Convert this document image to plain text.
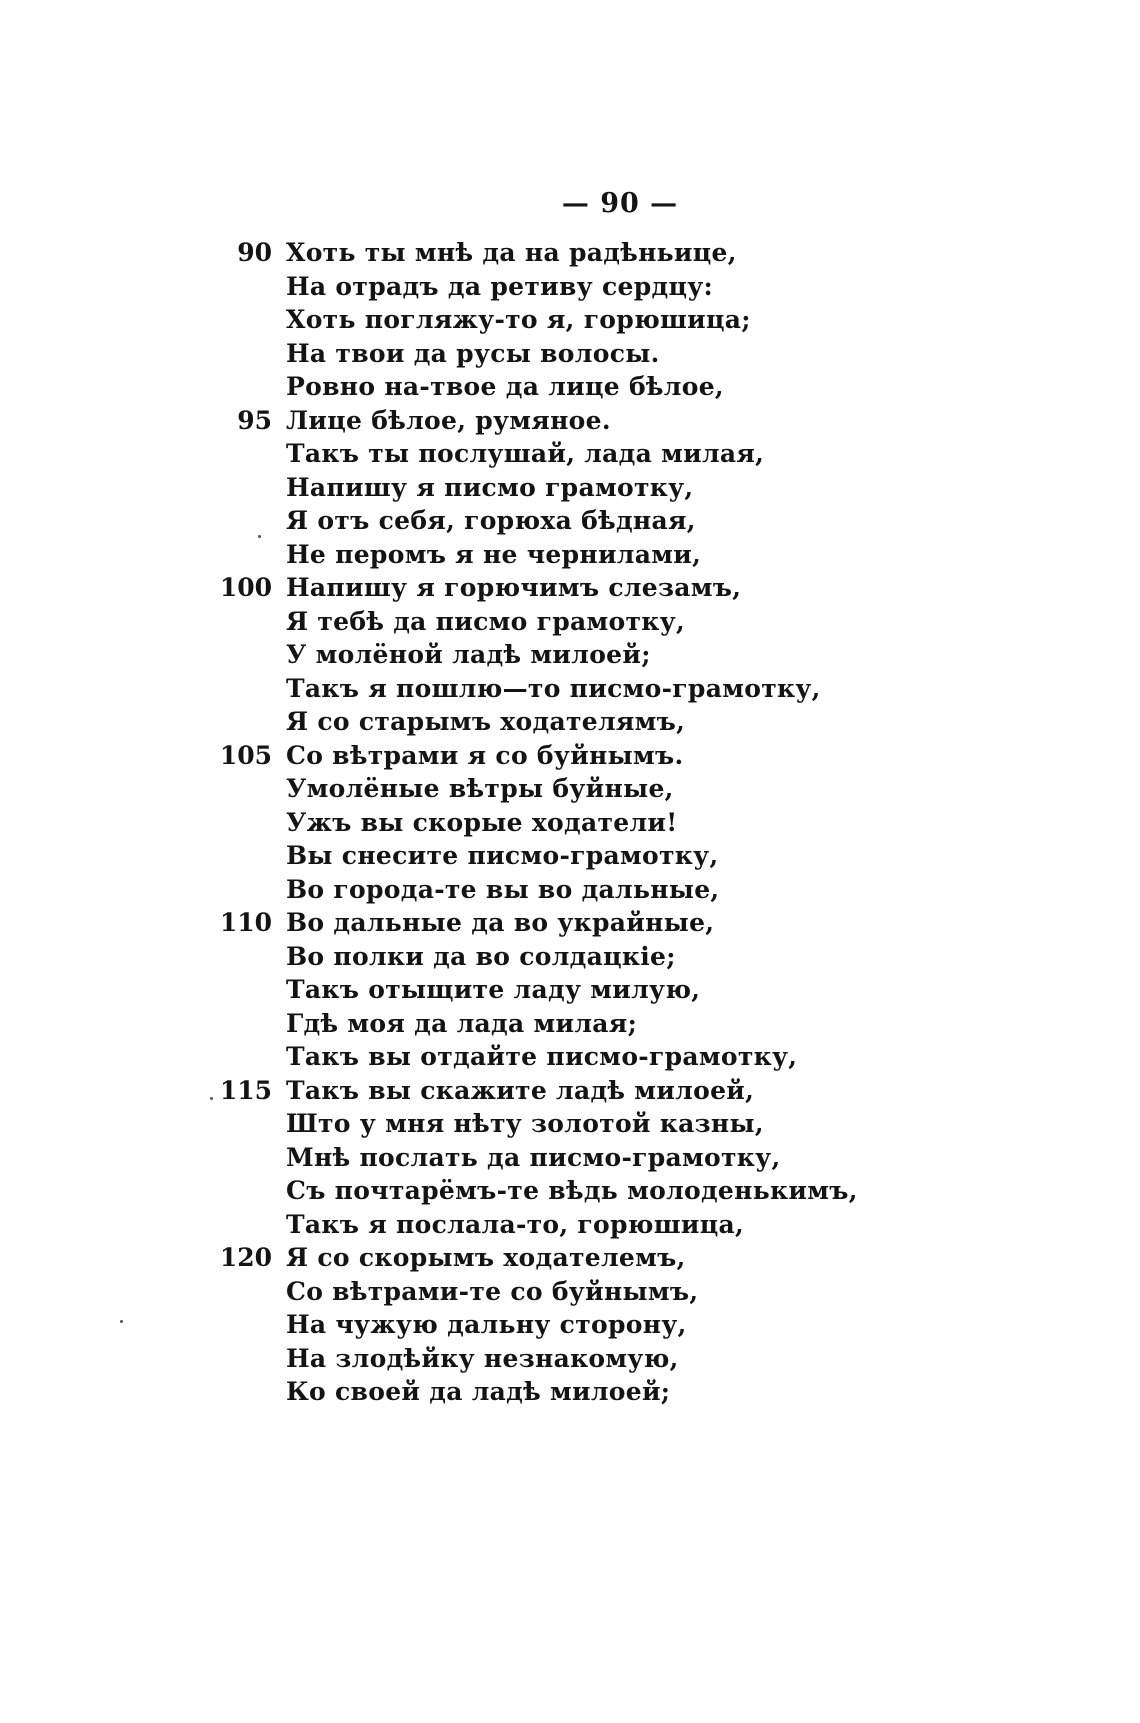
— 90 —
90 Хоть ты мнѣ да на радѣньице,
На отрадъ да ретиву сердцу:
Хоть погляжу-то я, горюшица;
На твои да русы волосы.
Ровно на-твое да лице бѣлое,
95 Лице бѣлое, румяное.
Такъ ты послушай, лада милая,
Напишу я писмо грамотку,
Я отъ себя, горюха бѣдная,
Не перомъ я не чернилами,
100 Напишу я горючимъ слезамъ,
Я тебѣ да писмо грамотку,
У молёной ладѣ милоей;
Такъ я пошлю—то писмо-грамотку,
Я со старымъ ходателямъ,
105 Со вѣтрами я со буйнымъ.
Умолёные вѣтры буйные,
Ужъ вы скорые ходатели!
Вы снесите писмо-грамотку,
Во города-те вы во дальные,
110 Во дальные да во украйные,
Во полки да во солдацкіе;
Такъ отыщите ладу милую,
Гдѣ моя да лада милая;
Такъ вы отдайте писмо-грамотку,
115 Такъ вы скажите ладѣ милоей,
Што у мня нѣту золотой казны,
Мнѣ послать да писмо-грамотку,
Съ почтарёмъ-те вѣдь молоденькимъ,
Такъ я послала-то, горюшица,
120 Я со скорымъ ходателемъ,
Со вѣтрами-те со буйнымъ,
На чужую дальну сторону,
На злодѣйку незнакомую,
Ко своей да ладѣ милоей;
